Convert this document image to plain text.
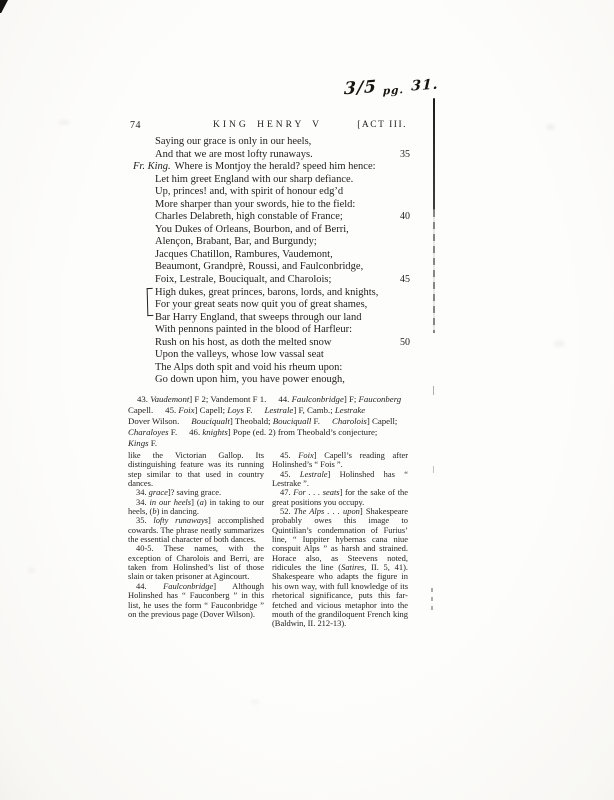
3/5 pg. 31.
74	KING HENRY V	[ACT III.
Saying our grace is only in our heels,
And that we are most lofty runaways.	35
Fr. King. Where is Montjoy the herald? speed him hence:
Let him greet England with our sharp defiance.
Up, princes! and, with spirit of honour edg’d
More sharper than your swords, hie to the field:
Charles Delabreth, high constable of France;	40
You Dukes of Orleans, Bourbon, and of Berri,
Alençon, Brabant, Bar, and Burgundy;
Jacques Chatillon, Rambures, Vaudemont,
Beaumont, Grandprè, Roussi, and Faulconbridge,
Foix, Lestrale, Bouciqualt, and Charolois;	45
High dukes, great princes, barons, lords, and knights,
For your great seats now quit you of great shames,
Bar Harry England, that sweeps through our land
With pennons painted in the blood of Harfleur:
Rush on his host, as doth the melted snow	50
Upon the valleys, whose low vassal seat
The Alps doth spit and void his rheum upon:
Go down upon him, you have power enough,
43. Vaudemont] F 2; Vandemont F 1. 44. Faulconbridge] F; Fauconberg
Capell. 45. Foix] Capell; Loys F. Lestrale] F, Camb.; Lestrake
Dover Wilson. Bouciqualt] Theobald; Bouciquall F. Charolois] Capell;
Charaloyes F. 46. knights] Pope (ed. 2) from Theobald’s conjecture;
Kings F.

like the Victorian Gallop. Its distinguishing feature was its running step similar to that used in country dances.

34. grace]? saving grace.

34. in our heels] (a) in taking to our heels, (b) in dancing.

35. lofty runaways] accomplished cowards. The phrase neatly summarizes the essential character of both dances.

40-5. These names, with the exception of Charolois and Berri, are taken from Holinshed’s list of those slain or taken prisoner at Agincourt.

44. Faulconbridge] Although Holinshed has “ Fauconberg ” in this list, he uses the form “ Fauconbridge ” on the previous page (Dover Wilson).

45. Foix] Capell’s reading after Holinshed’s “ Fois ”.

45. Lestrale] Holinshed has “ Lestrake ”.

47. For . . . seats] for the sake of the great positions you occupy.

52. The Alps . . . upon] Shakespeare probably owes this image to Quintilian’s condemnation of Furius’ line, “ Iuppiter hybernas cana niue conspuit Alps ” as harsh and strained. Horace also, as Steevens noted, ridicules the line (Satires, II. 5, 41). Shakespeare who adapts the figure in his own way, with full knowledge of its rhetorical significance, puts this far-fetched and vicious metaphor into the mouth of the grandiloquent French king (Baldwin, II. 212-13).
